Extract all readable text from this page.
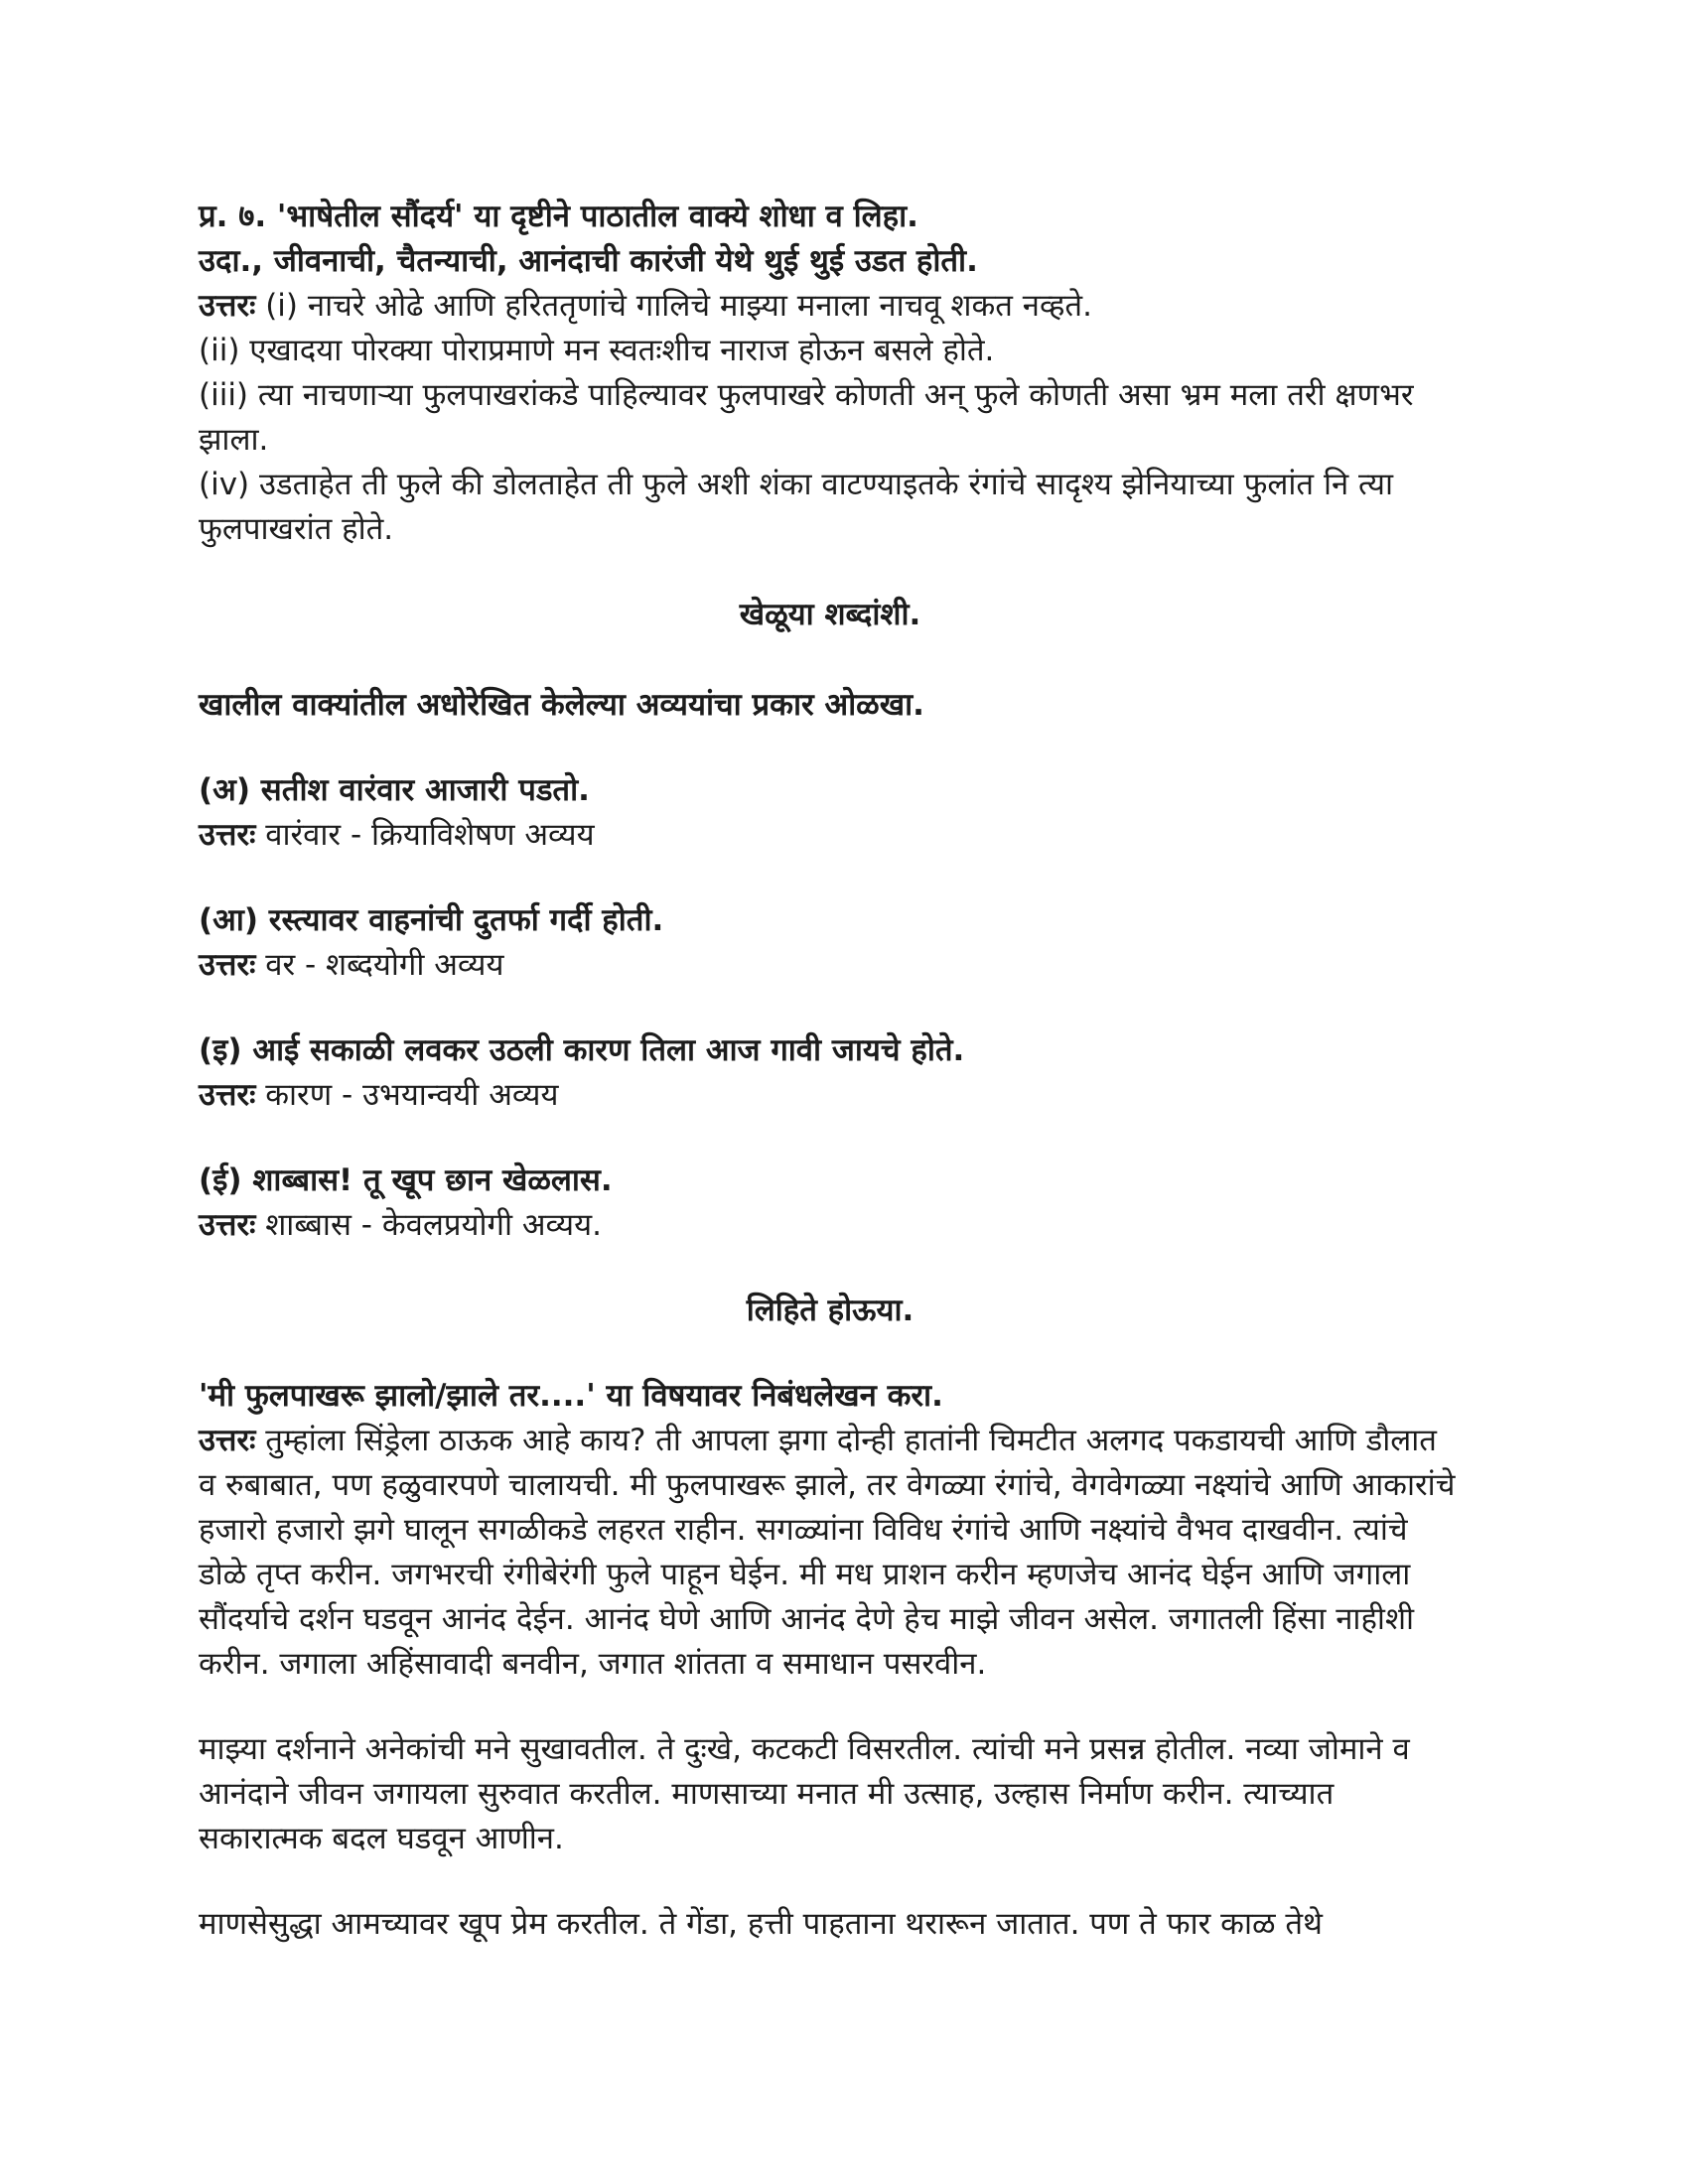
प्र. ७. 'भाषेतील सौंदर्य' या दृष्टीने पाठातील वाक्ये शोधा व लिहा.

उदा., जीवनाची, चैतन्याची, आनंदाची कारंजी येथे थुई थुई उडत होती.

उत्तरः (i) नाचरे ओढे आणि हरिततृणांचे गालिचे माझ्या मनाला नाचवू शकत नव्हते.

(ii) एखादया पोरक्या पोराप्रमाणे मन स्वतःशीच नाराज होऊन बसले होते.

(iii) त्या नाचणाऱ्या फुलपाखरांकडे पाहिल्यावर फुलपाखरे कोणती अन् फुले कोणती असा भ्रम मला तरी क्षणभर झाला.

(iv) उडताहेत ती फुले की डोलताहेत ती फुले अशी शंका वाटण्याइतके रंगांचे सादृश्य झेनियाच्या फुलांत नि त्या फुलपाखरांत होते.

खेळूया शब्दांशी.

खालील वाक्यांतील अधोरेखित केलेल्या अव्ययांचा प्रकार ओळखा.

(अ) सतीश वारंवार आजारी पडतो.

उत्तरः वारंवार - क्रियाविशेषण अव्यय

(आ) रस्त्यावर वाहनांची दुतर्फा गर्दी होती.

उत्तरः वर - शब्दयोगी अव्यय

(इ) आई सकाळी लवकर उठली कारण तिला आज गावी जायचे होते.

उत्तरः कारण - उभयान्वयी अव्यय

(ई) शाब्बास! तू खूप छान खेळलास.

उत्तरः शाब्बास - केवलप्रयोगी अव्यय.

लिहिते होऊया.

'मी फुलपाखरू झालो/झाले तर....' या विषयावर निबंधलेखन करा.

उत्तरः तुम्हांला सिंड्रेला ठाऊक आहे काय? ती आपला झगा दोन्ही हातांनी चिमटीत अलगद पकडायची आणि डौलात व रुबाबात, पण हळुवारपणे चालायची. मी फुलपाखरू झाले, तर वेगळ्या रंगांचे, वेगवेगळ्या नक्ष्यांचे आणि आकारांचे हजारो हजारो झगे घालून सगळीकडे लहरत राहीन. सगळ्यांना विविध रंगांचे आणि नक्ष्यांचे वैभव दाखवीन. त्यांचे डोळे तृप्त करीन. जगभरची रंगीबेरंगी फुले पाहून घेईन. मी मध प्राशन करीन म्हणजेच आनंद घेईन आणि जगाला सौंदर्याचे दर्शन घडवून आनंद देईन. आनंद घेणे आणि आनंद देणे हेच माझे जीवन असेल. जगातली हिंसा नाहीशी करीन. जगाला अहिंसावादी बनवीन, जगात शांतता व समाधान पसरवीन.

माझ्या दर्शनाने अनेकांची मने सुखावतील. ते दुःखे, कटकटी विसरतील. त्यांची मने प्रसन्न होतील. नव्या जोमाने व आनंदाने जीवन जगायला सुरुवात करतील. माणसाच्या मनात मी उत्साह, उल्हास निर्माण करीन. त्याच्यात सकारात्मक बदल घडवून आणीन.

माणसेसुद्धा आमच्यावर खूप प्रेम करतील. ते गेंडा, हत्ती पाहताना थरारून जातात. पण ते फार काळ तेथे
